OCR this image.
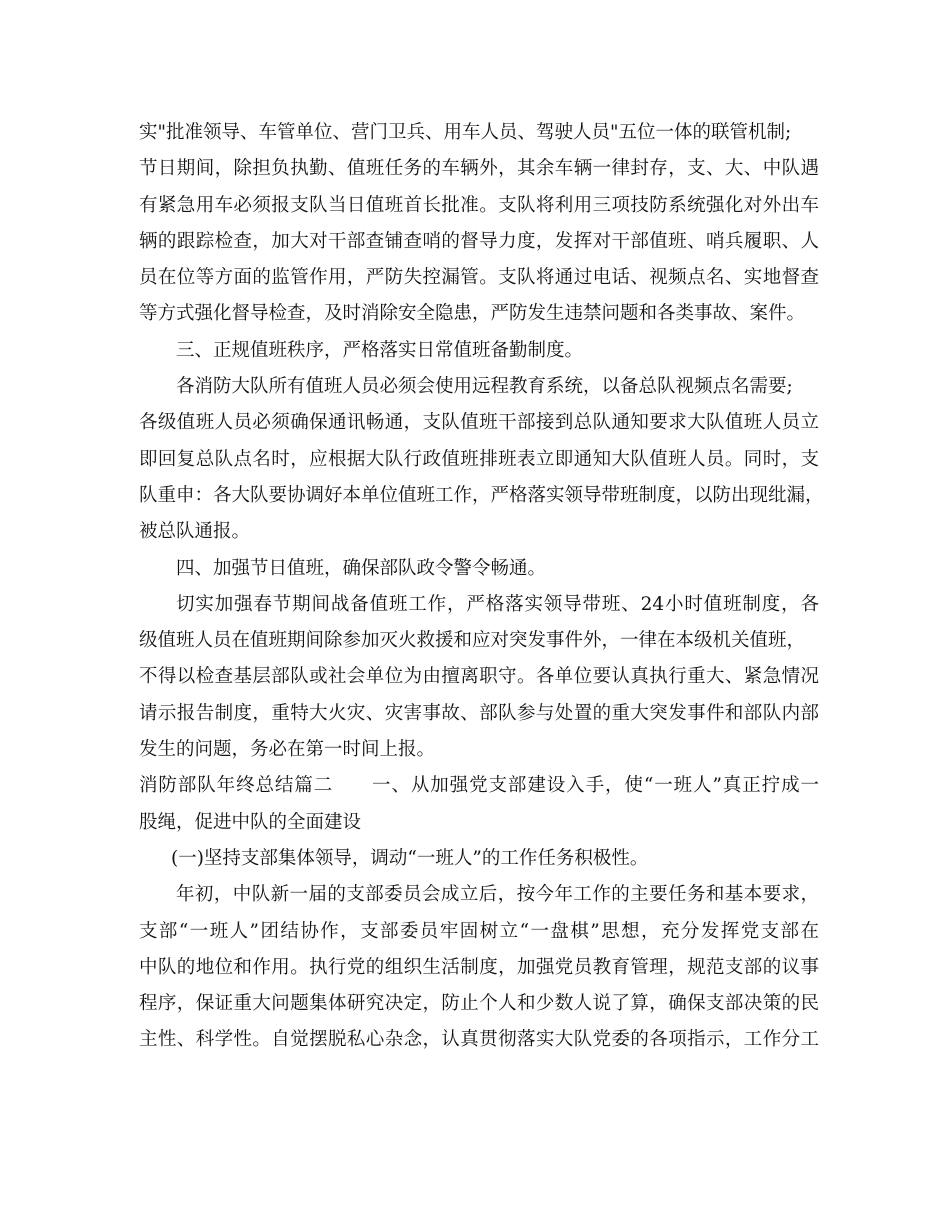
实"批准领导、车管单位、营门卫兵、用车人员、驾驶人员"五位一体的联管机制;
节日期间，除担负执勤、值班任务的车辆外，其余车辆一律封存，支、大、中队遇
有紧急用车必须报支队当日值班首长批准。支队将利用三项技防系统强化对外出车
辆的跟踪检查，加大对干部查铺查哨的督导力度，发挥对干部值班、哨兵履职、人
员在位等方面的监管作用，严防失控漏管。支队将通过电话、视频点名、实地督查
等方式强化督导检查，及时消除安全隐患，严防发生违禁问题和各类事故、案件。
三、正规值班秩序，严格落实日常值班备勤制度。
各消防大队所有值班人员必须会使用远程教育系统，以备总队视频点名需要;
各级值班人员必须确保通讯畅通，支队值班干部接到总队通知要求大队值班人员立
即回复总队点名时，应根据大队行政值班排班表立即通知大队值班人员。同时，支
队重申：各大队要协调好本单位值班工作，严格落实领导带班制度，以防出现纰漏，
被总队通报。
四、加强节日值班，确保部队政令警令畅通。
切实加强春节期间战备值班工作，严格落实领导带班、24小时值班制度，各
级值班人员在值班期间除参加灭火救援和应对突发事件外，一律在本级机关值班，
不得以检查基层部队或社会单位为由擅离职守。各单位要认真执行重大、紧急情况
请示报告制度，重特大火灾、灾害事故、部队参与处置的重大突发事件和部队内部
发生的问题，务必在第一时间上报。
消防部队年终总结篇二　　一、从加强党支部建设入手，使“一班人”真正拧成一
股绳，促进中队的全面建设
(一)坚持支部集体领导，调动“一班人”的工作任务积极性。
年初，中队新一届的支部委员会成立后，按今年工作的主要任务和基本要求，
支部“一班人”团结协作，支部委员牢固树立“一盘棋”思想，充分发挥党支部在
中队的地位和作用。执行党的组织生活制度，加强党员教育管理，规范支部的议事
程序，保证重大问题集体研究决定，防止个人和少数人说了算，确保支部决策的民
主性、科学性。自觉摆脱私心杂念，认真贯彻落实大队党委的各项指示，工作分工
